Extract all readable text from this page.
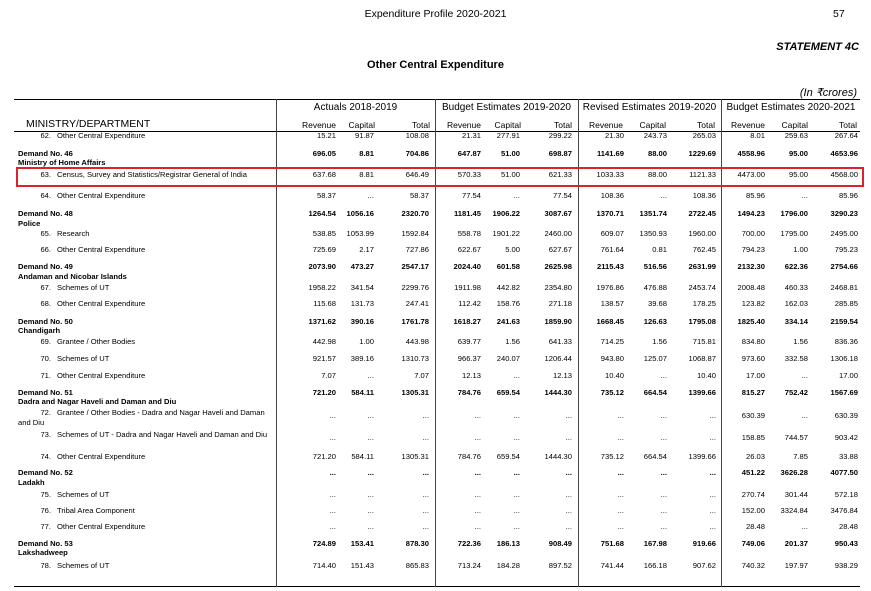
Expenditure Profile 2020-2021	57
STATEMENT 4C
Other Central Expenditure
(In ₹crores)
Actuals 2018-2019	Budget Estimates 2019-2020	Revised Estimates 2019-2020	Budget Estimates 2020-2021
MINISTRY/DEPARTMENT	Revenue	Capital	Total	Revenue	Capital	Total	Revenue	Capital	Total	Revenue	Capital	Total
62. Other Central Expenditure	15.21	91.87	108.08	21.31	277.91	299.22	21.30	243.73	265.03	8.01	259.63	267.64
Demand No. 46	696.05	8.81	704.86	647.87	51.00	698.87	1141.69	88.00	1229.69	4558.96	95.00	4653.96
Ministry of Home Affairs
63. Census, Survey and Statistics/Registrar General of India	637.68	8.81	646.49	570.33	51.00	621.33	1033.33	88.00	1121.33	4473.00	95.00	4568.00
64. Other Central Expenditure	58.37	...	58.37	77.54	...	77.54	108.36	...	108.36	85.96	...	85.96
Demand No. 48	1264.54	1056.16	2320.70	1181.45	1906.22	3087.67	1370.71	1351.74	2722.45	1494.23	1796.00	3290.23
Police
65. Research	538.85	1053.99	1592.84	558.78	1901.22	2460.00	609.07	1350.93	1960.00	700.00	1795.00	2495.00
66. Other Central Expenditure	725.69	2.17	727.86	622.67	5.00	627.67	761.64	0.81	762.45	794.23	1.00	795.23
Demand No. 49	2073.90	473.27	2547.17	2024.40	601.58	2625.98	2115.43	516.56	2631.99	2132.30	622.36	2754.66
Andaman and Nicobar Islands
67. Schemes of UT	1958.22	341.54	2299.76	1911.98	442.82	2354.80	1976.86	476.88	2453.74	2008.48	460.33	2468.81
68. Other Central Expenditure	115.68	131.73	247.41	112.42	158.76	271.18	138.57	39.68	178.25	123.82	162.03	285.85
Demand No. 50	1371.62	390.16	1761.78	1618.27	241.63	1859.90	1668.45	126.63	1795.08	1825.40	334.14	2159.54
Chandigarh
69. Grantee / Other Bodies	442.98	1.00	443.98	639.77	1.56	641.33	714.25	1.56	715.81	834.80	1.56	836.36
70. Schemes of UT	921.57	389.16	1310.73	966.37	240.07	1206.44	943.80	125.07	1068.87	973.60	332.58	1306.18
71. Other Central Expenditure	7.07	...	7.07	12.13	...	12.13	10.40	...	10.40	17.00	...	17.00
Demand No. 51	721.20	584.11	1305.31	784.76	659.54	1444.30	735.12	664.54	1399.66	815.27	752.42	1567.69
Dadra and Nagar Haveli and Daman and Diu
72. Grantee / Other Bodies - Dadra and Nagar Haveli and Daman and Diu
...	...	...	...	...	...	...	...	...	630.39	...	630.39
73. Schemes of UT - Dadra and Nagar Haveli and Daman and Diu	...	...	...	...	...	...	...	...	...	158.85	744.57	903.42
74. Other Central Expenditure	721.20	584.11	1305.31	784.76	659.54	1444.30	735.12	664.54	1399.66	26.03	7.85	33.88
Demand No. 52	...	...	...	...	...	...	...	...	...	451.22	3626.28	4077.50
Ladakh
75. Schemes of UT	...	...	...	...	...	...	...	...	...	270.74	301.44	572.18
76. Tribal Area Component	...	...	...	...	...	...	...	...	...	152.00	3324.84	3476.84
77. Other Central Expenditure	...	...	...	...	...	...	...	...	...	28.48	...	28.48
Demand No. 53	724.89	153.41	878.30	722.36	186.13	908.49	751.68	167.98	919.66	749.06	201.37	950.43
Lakshadweep
78. Schemes of UT	714.40	151.43	865.83	713.24	184.28	897.52	741.44	166.18	907.62	740.32	197.97	938.29
